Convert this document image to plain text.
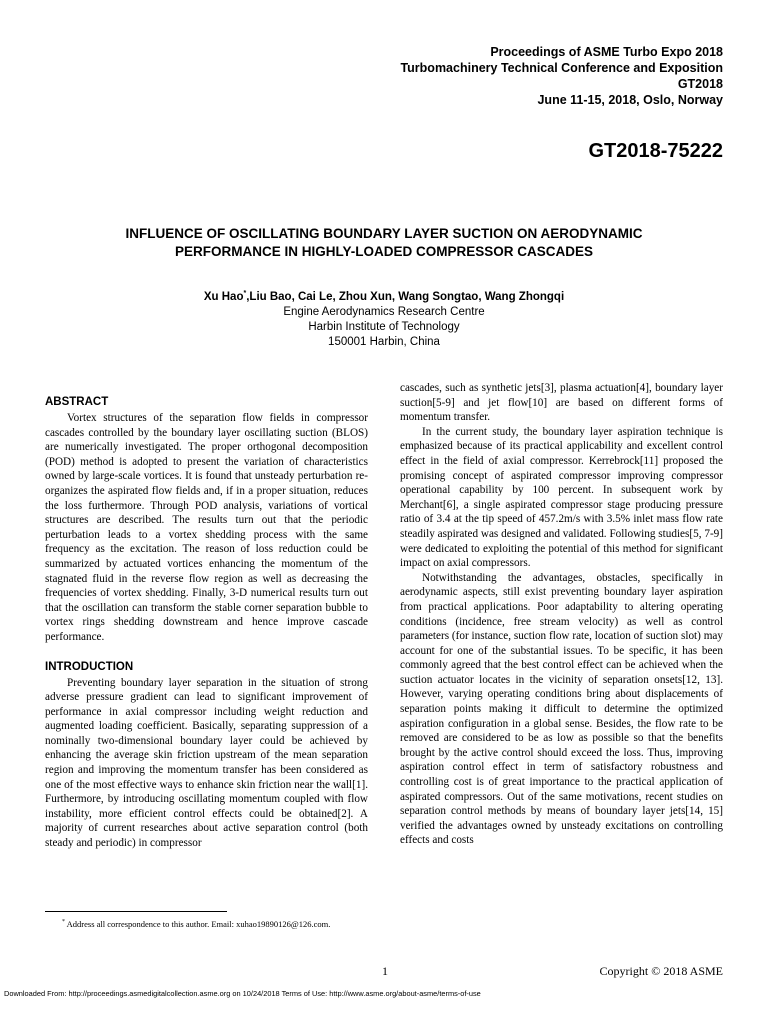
Proceedings of ASME Turbo Expo 2018
Turbomachinery Technical Conference and Exposition
GT2018
June 11-15, 2018, Oslo, Norway
GT2018-75222
INFLUENCE OF OSCILLATING BOUNDARY LAYER SUCTION ON AERODYNAMIC
PERFORMANCE IN HIGHLY-LOADED COMPRESSOR CASCADES
Xu Hao*,Liu Bao, Cai Le, Zhou Xun, Wang Songtao, Wang Zhongqi
Engine Aerodynamics Research Centre
Harbin Institute of Technology
150001 Harbin, China
ABSTRACT

Vortex structures of the separation flow fields in compressor cascades controlled by the boundary layer oscillating suction (BLOS) are numerically investigated. The proper orthogonal decomposition (POD) method is adopted to present the variation of characteristics owned by large-scale vortices. It is found that unsteady perturbation re-organizes the aspirated flow fields and, if in a proper situation, reduces the loss furthermore. Through POD analysis, variations of vortical structures are described. The results turn out that the periodic perturbation leads to a vortex shedding process with the same frequency as the excitation. The reason of loss reduction could be summarized by actuated vortices enhancing the momentum of the stagnated fluid in the reverse flow region as well as decreasing the frequencies of vortex shedding. Finally, 3-D numerical results turn out that the oscillation can transform the stable corner separation bubble to vortex rings shedding downstream and hence improve cascade performance.

INTRODUCTION

Preventing boundary layer separation in the situation of strong adverse pressure gradient can lead to significant improvement of performance in axial compressor including weight reduction and augmented loading coefficient. Basically, separating suppression of a nominally two-dimensional boundary layer could be achieved by enhancing the average skin friction upstream of the mean separation region and improving the momentum transfer has been considered as one of the most effective ways to enhance skin friction near the wall[1]. Furthermore, by introducing oscillating momentum coupled with flow instability, more efficient control effects could be obtained[2]. A majority of current researches about active separation control (both steady and periodic) in compressor

cascades, such as synthetic jets[3], plasma actuation[4], boundary layer suction[5-9] and jet flow[10] are based on different forms of momentum transfer.

In the current study, the boundary layer aspiration technique is emphasized because of its practical applicability and excellent control effect in the field of axial compressor. Kerrebrock[11] proposed the promising concept of aspirated compressor improving compressor operational capability by 100 percent. In subsequent work by Merchant[6], a single aspirated compressor stage producing pressure ratio of 3.4 at the tip speed of 457.2m/s with 3.5% inlet mass flow rate steadily aspirated was designed and validated. Following studies[5, 7-9] were dedicated to exploiting the potential of this method for significant impact on axial compressors.

Notwithstanding the advantages, obstacles, specifically in aerodynamic aspects, still exist preventing boundary layer aspiration from practical applications. Poor adaptability to altering operating conditions (incidence, free stream velocity) as well as control parameters (for instance, suction flow rate, location of suction slot) may account for one of the substantial issues. To be specific, it has been commonly agreed that the best control effect can be achieved when the suction actuator locates in the vicinity of separation onsets[12, 13]. However, varying operating conditions bring about displacements of separation points making it difficult to determine the optimized aspiration configuration in a global sense. Besides, the flow rate to be removed are considered to be as low as possible so that the benefits brought by the active control should exceed the loss. Thus, improving aspiration control effect in term of satisfactory robustness and controlling cost is of great importance to the practical application of aspirated compressors. Out of the same motivations, recent studies on separation control methods by means of boundary layer jets[14, 15] verified the advantages owned by unsteady excitations on controlling effects and costs

* Address all correspondence to this author. Email: xuhao19890126@126.com.
1	Copyright © 2018 ASME
Downloaded From: http://proceedings.asmedigitalcollection.asme.org on 10/24/2018 Terms of Use: http://www.asme.org/about-asme/terms-of-use
